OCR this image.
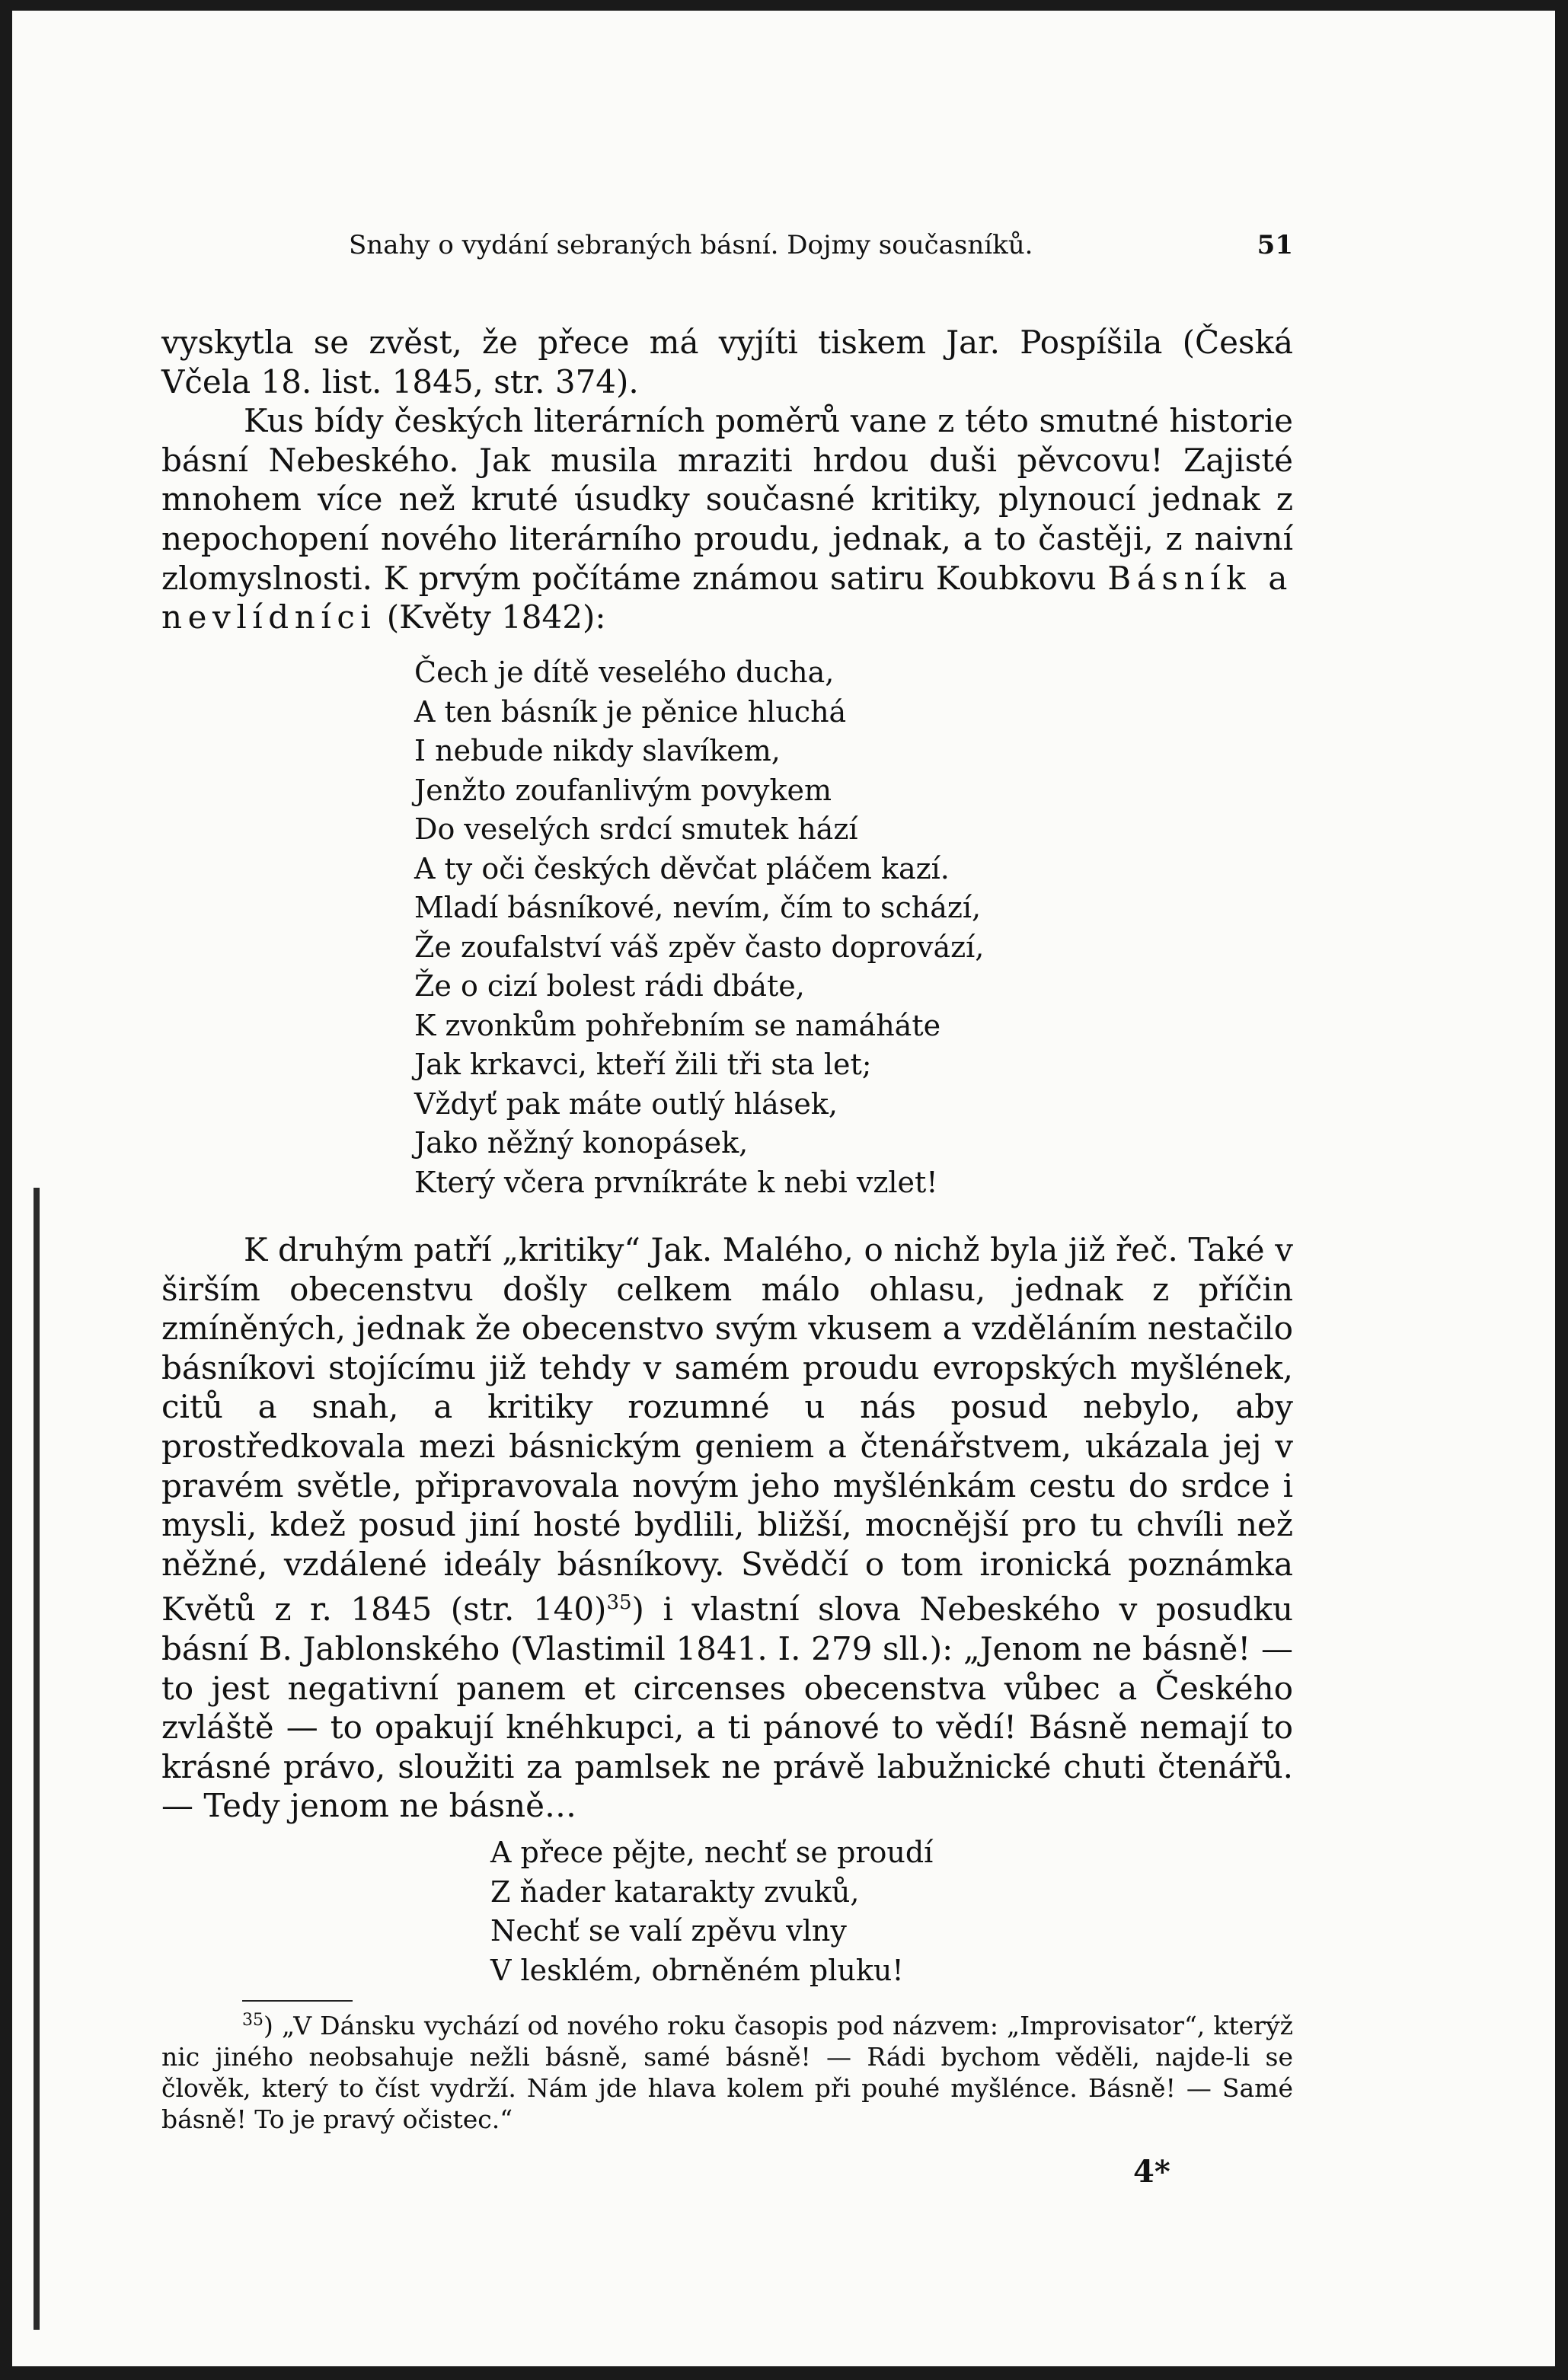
Snahy o vydání sebraných básní. Dojmy současníků.	51

vyskytla se zvěst, že přece má vyjíti tiskem Jar. Pospíšila (Česká Včela 18. list. 1845, str. 374).

Kus bídy českých literárních poměrů vane z této smutné historie básní Nebeského. Jak musila mraziti hrdou duši pěvcovu! Zajisté mnohem více než kruté úsudky současné kritiky, plynoucí jednak z nepochopení nového literárního proudu, jednak, a to častěji, z naivní zlomyslnosti. K prvým počítáme známou satiru Koubkovu Básník a nevlídníci (Květy 1842):

Čech je dítě veselého ducha,
A ten básník je pěnice hluchá
I nebude nikdy slavíkem,
Jenžto zoufanlivým povykem
Do veselých srdcí smutek hází
A ty oči českých děvčat pláčem kazí.
Mladí básníkové, nevím, čím to schází,
Že zoufalství váš zpěv často doprovází,
Že o cizí bolest rádi dbáte,
K zvonkům pohřebním se namáháte
Jak krkavci, kteří žili tři sta let;
Vždyť pak máte outlý hlásek,
Jako něžný konopásek,
Který včera prvníkráte k nebi vzlet!

K druhým patří „kritiky“ Jak. Malého, o nichž byla již řeč. Také v širším obecenstvu došly celkem málo ohlasu, jednak z příčin zmíněných, jednak že obecenstvo svým vkusem a vzděláním nestačilo básníkovi stojícímu již tehdy v samém proudu evropských myšlének, citů a snah, a kritiky rozumné u nás posud nebylo, aby prostředkovala mezi básnickým geniem a čtenářstvem, ukázala jej v pravém světle, připravovala novým jeho myšlénkám cestu do srdce i mysli, kdež posud jiní hosté bydlili, bližší, mocnější pro tu chvíli než něžné, vzdálené ideály básníkovy. Svědčí o tom ironická poznámka Květů z r. 1845 (str. 140)$^{35}$) i vlastní slova Nebeského v posudku básní B. Jablonského (Vlastimil 1841. I. 279 sll.): „Jenom ne básně! — to jest negativní panem et circenses obecenstva vůbec a Českého zvláště — to opakují knéhkupci, a ti pánové to vědí! Básně nemají to krásné právo, sloužiti za pamlsek ne právě labužnické chuti čtenářů. — Tedy jenom ne básně…

A přece pějte, nechť se proudí
Z ňader katarakty zvuků,
Nechť se valí zpěvu vlny
V lesklém, obrněném pluku!

$^{35}$) „V Dánsku vychází od nového roku časopis pod názvem: „Improvisator“, kterýž nic jiného neobsahuje nežli básně, samé básně! — Rádi bychom věděli, najde-li se člověk, který to číst vydrží. Nám jde hlava kolem při pouhé myšlénce. Básně! — Samé básně! To je pravý očistec.“

4*
